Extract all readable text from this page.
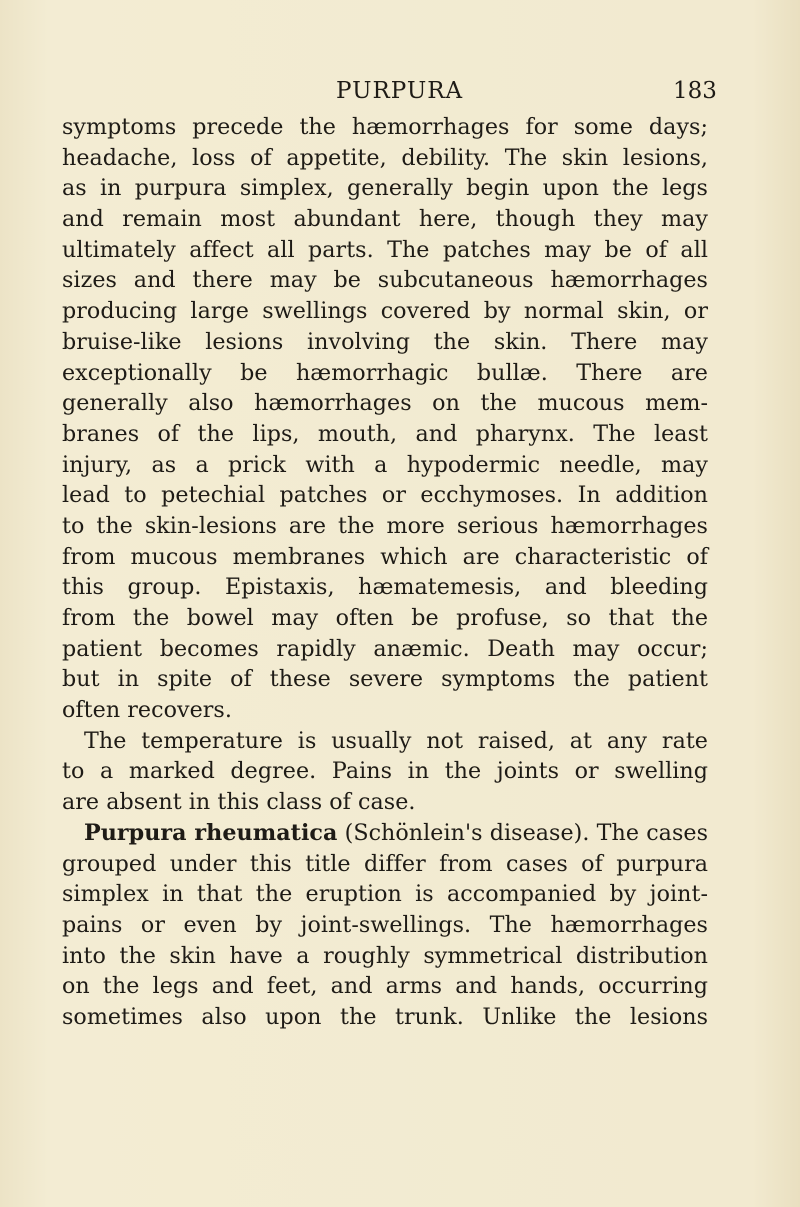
PURPURA	183
symptoms precede the hæmorrhages for some days;
headache, loss of appetite, debility. The skin lesions,
as in purpura simplex, generally begin upon the legs
and remain most abundant here, though they may
ultimately affect all parts. The patches may be of all
sizes and there may be subcutaneous hæmorrhages
producing large swellings covered by normal skin, or
bruise-like lesions involving the skin. There may
exceptionally be hæmorrhagic bullæ. There are
generally also hæmorrhages on the mucous mem-
branes of the lips, mouth, and pharynx. The least
injury, as a prick with a hypodermic needle, may
lead to petechial patches or ecchymoses. In addition
to the skin-lesions are the more serious hæmorrhages
from mucous membranes which are characteristic of
this group. Epistaxis, hæmatemesis, and bleeding
from the bowel may often be profuse, so that the
patient becomes rapidly anæmic. Death may occur;
but in spite of these severe symptoms the patient
often recovers.
The temperature is usually not raised, at any rate
to a marked degree. Pains in the joints or swelling
are absent in this class of case.
Purpura rheumatica (Schönlein's disease). The cases
grouped under this title differ from cases of purpura
simplex in that the eruption is accompanied by joint-
pains or even by joint-swellings. The hæmorrhages
into the skin have a roughly symmetrical distribution
on the legs and feet, and arms and hands, occurring
sometimes also upon the trunk. Unlike the lesions
